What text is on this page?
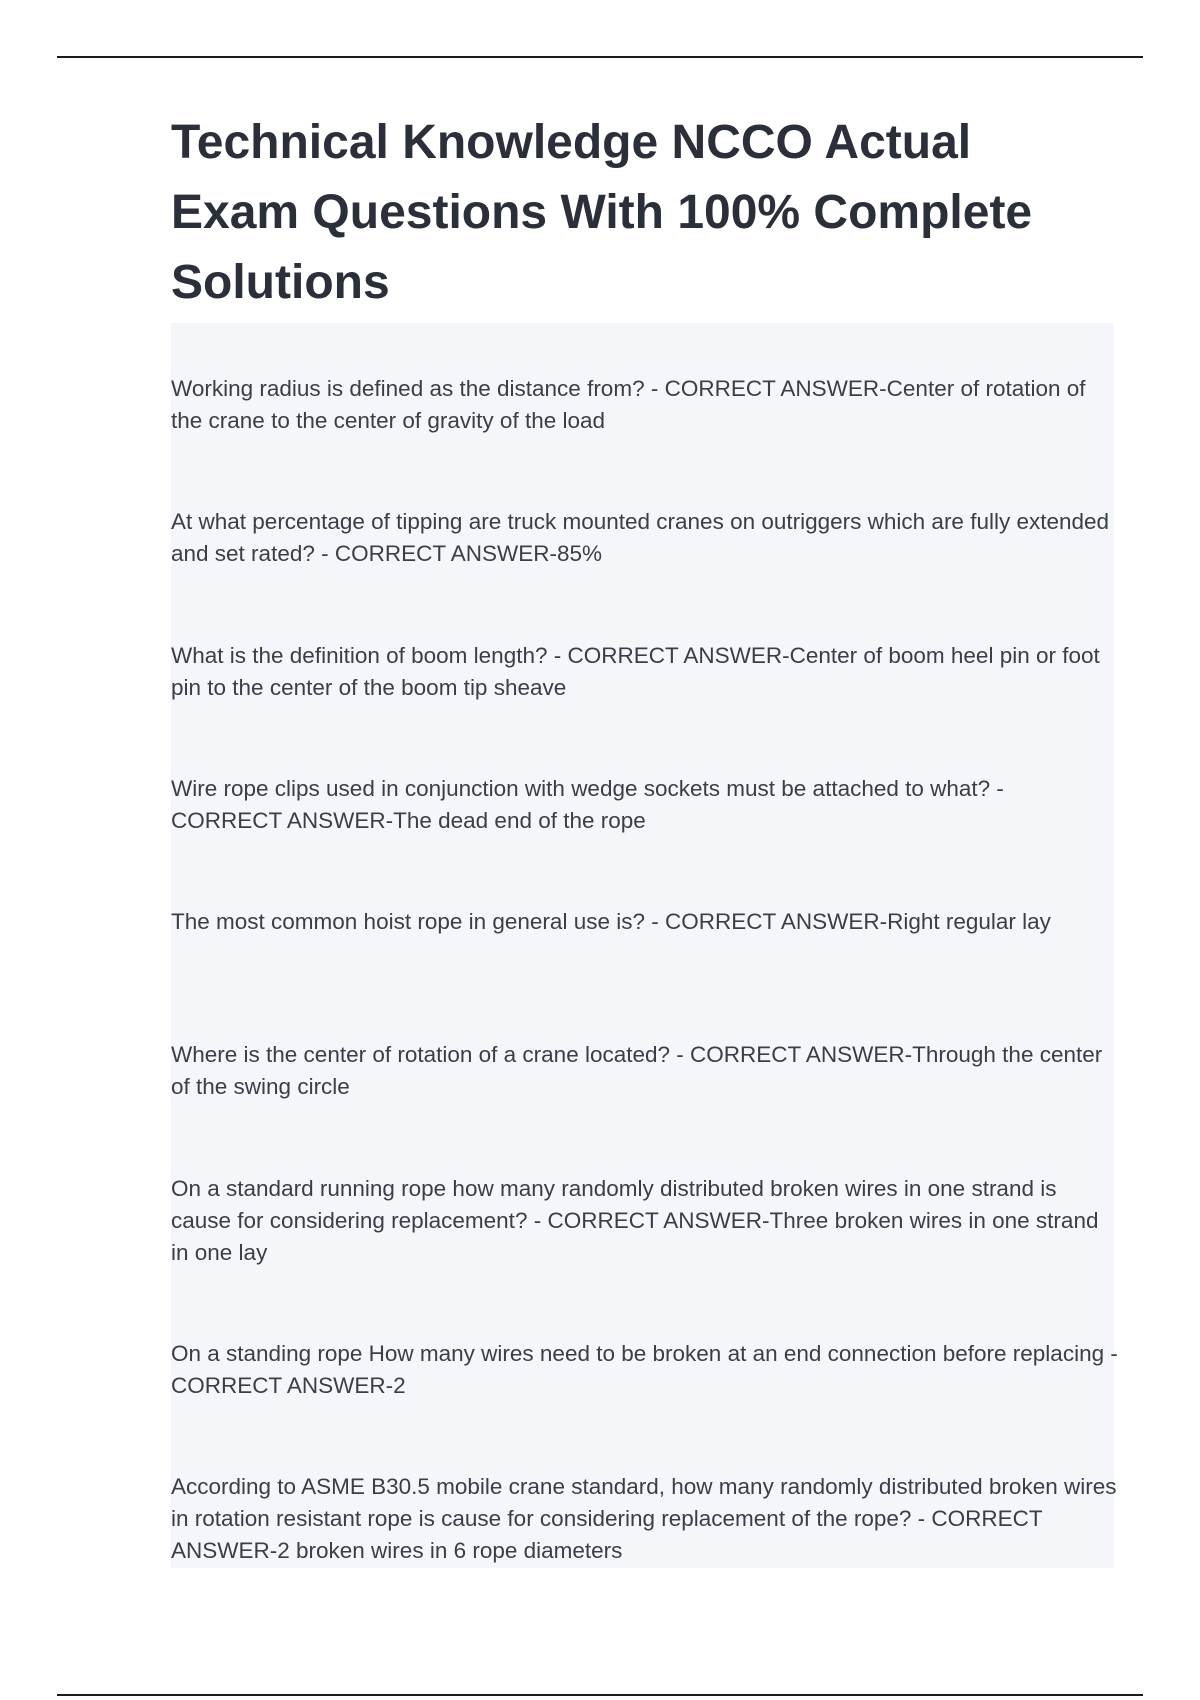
Technical Knowledge NCCO Actual Exam Questions With 100% Complete Solutions

Working radius is defined as the distance from? - CORRECT ANSWER-Center of rotation of the crane to the center of gravity of the load

At what percentage of tipping are truck mounted cranes on outriggers which are fully extended and set rated? - CORRECT ANSWER-85%

What is the definition of boom length? - CORRECT ANSWER-Center of boom heel pin or foot pin to the center of the boom tip sheave

Wire rope clips used in conjunction with wedge sockets must be attached to what? - CORRECT ANSWER-The dead end of the rope

The most common hoist rope in general use is? - CORRECT ANSWER-Right regular lay

Where is the center of rotation of a crane located? - CORRECT ANSWER-Through the center of the swing circle

On a standard running rope how many randomly distributed broken wires in one strand is cause for considering replacement? - CORRECT ANSWER-Three broken wires in one strand in one lay

On a standing rope How many wires need to be broken at an end connection before replacing - CORRECT ANSWER-2

According to ASME B30.5 mobile crane standard, how many randomly distributed broken wires in rotation resistant rope is cause for considering replacement of the rope? - CORRECT ANSWER-2 broken wires in 6 rope diameters
